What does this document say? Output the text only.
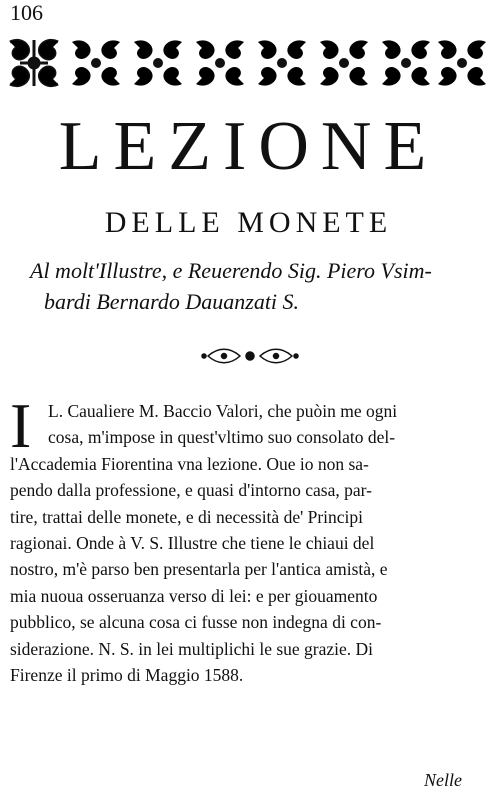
106
LEZIONE
DELLE MONETE
Al molt'Illustre, e Reuerendo Sig. Piero Vsim-
bardi Bernardo Dauanzati S.
I L. Caualiere M. Baccio Valori, che puòin me ogni
cosa, m'impose in quest'vltimo suo consolato del-
l'Accademia Fiorentina vna lezione. Oue io non sa-
pendo dalla professione, e quasi d'intorno casa, par-
tire, trattai delle monete, e di necessità de' Principi
ragionai. Onde à V. S. Illustre che tiene le chiaui del
nostro, m'è parso ben presentarla per l'antica amistà, e
mia nuoua osseruanza verso di lei: e per giouamento
pubblico, se alcuna cosa ci fusse non indegna di con-
siderazione. N. S. in lei multiplichi le sue grazie. Di
Firenze il primo di Maggio 1588.
Nelle
